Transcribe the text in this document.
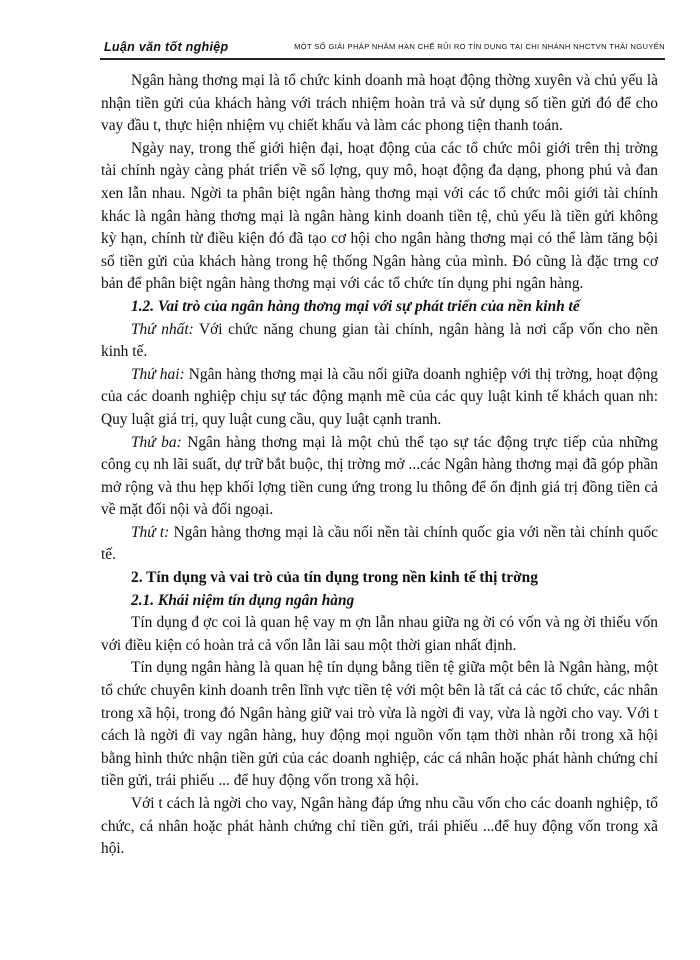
Luận văn tốt nghiệp	MỘT SỐ GIẢI PHÁP NHẰM HẠN CHẾ RỦI RO TÍN DỤNG TẠI CHI NHÁNH NHCTVN THÁI NGUYÊN

Ngân hàng thơng mại là tổ chức kinh doanh mà hoạt động thờng xuyên và chủ yếu là nhận tiền gửi của khách hàng với trách nhiệm hoàn trả và sử dụng số tiền gửi đó để cho vay đầu t, thực hiện nhiệm vụ chiết khấu và làm các phong tiện thanh toán.

Ngày nay, trong thế giới hiện đại, hoạt động của các tổ chức môi giới trên thị trờng tài chính ngày càng phát triển về số lợng, quy mô, hoạt động đa dạng, phong phú và đan xen lẫn nhau. Ngời ta phân biệt ngân hàng thơng mại với các tổ chức môi giới tài chính khác là ngân hàng thơng mại là ngân hàng kinh doanh tiền tệ, chủ yếu là tiền gửi không kỳ hạn, chính từ điều kiện đó đã tạo cơ hội cho ngân hàng thơng mại có thể làm tăng bội số tiền gửi của khách hàng trong hệ thống Ngân hàng của mình. Đó cũng là đặc trng cơ bản để phân biệt ngân hàng thơng mại với các tổ chức tín dụng phi ngân hàng.

1.2. Vai trò của ngân hàng thơng mại với sự phát triển của nền kinh tế

Thứ nhất: Với chức năng chung gian tài chính, ngân hàng là nơi cấp vốn cho nền kinh tế.

Thứ hai: Ngân hàng thơng mại là cầu nối giữa doanh nghiệp với thị trờng, hoạt động của các doanh nghiệp chịu sự tác động mạnh mẽ của các quy luật kinh tế khách quan nh: Quy luật giá trị, quy luật cung cầu, quy luật cạnh tranh.

Thứ ba: Ngân hàng thơng mại là một chủ thể tạo sự tác động trực tiếp của những công cụ nh lãi suất, dự trữ bắt buộc, thị trờng mở ...các Ngân hàng thơng mại đã góp phần mở rộng và thu hẹp khối lợng tiền cung ứng trong lu thông để ổn định giá trị đồng tiền cả về mặt đối nội và đối ngoại.

Thứ t: Ngân hàng thơng mại là cầu nối nền tài chính quốc gia với nền tài chính quốc tế.

2. Tín dụng và vai trò của tín dụng trong nền kinh tế thị trờng
2.1. Khái niệm tín dụng ngân hàng

Tín dụng đ ợc coi là quan hệ vay m ợn lẫn nhau giữa ng ời có vốn và ng ời thiếu vốn với điều kiện có hoàn trả cả vốn lẫn lãi sau một thời gian nhất định.

Tín dụng ngân hàng là quan hệ tín dụng bằng tiền tệ giữa một bên là Ngân hàng, một tổ chức chuyên kinh doanh trên lĩnh vực tiền tệ với một bên là tất cả các tổ chức, các nhân trong xã hội, trong đó Ngân hàng giữ vai trò vừa là ngời đi vay, vừa là ngời cho vay. Với t cách là ngời đi vay ngân hàng, huy động mọi nguồn vốn tạm thời nhàn rỗi trong xã hội bằng hình thức nhận tiền gửi của các doanh nghiệp, các cá nhân hoặc phát hành chứng chỉ tiền gửi, trái phiếu ... để huy động vốn trong xã hội.

Với t cách là ngời cho vay, Ngân hàng đáp ứng nhu cầu vốn cho các doanh nghiệp, tổ chức, cá nhân hoặc phát hành chứng chỉ tiền gửi, trái phiếu ...để huy động vốn trong xã hội.
